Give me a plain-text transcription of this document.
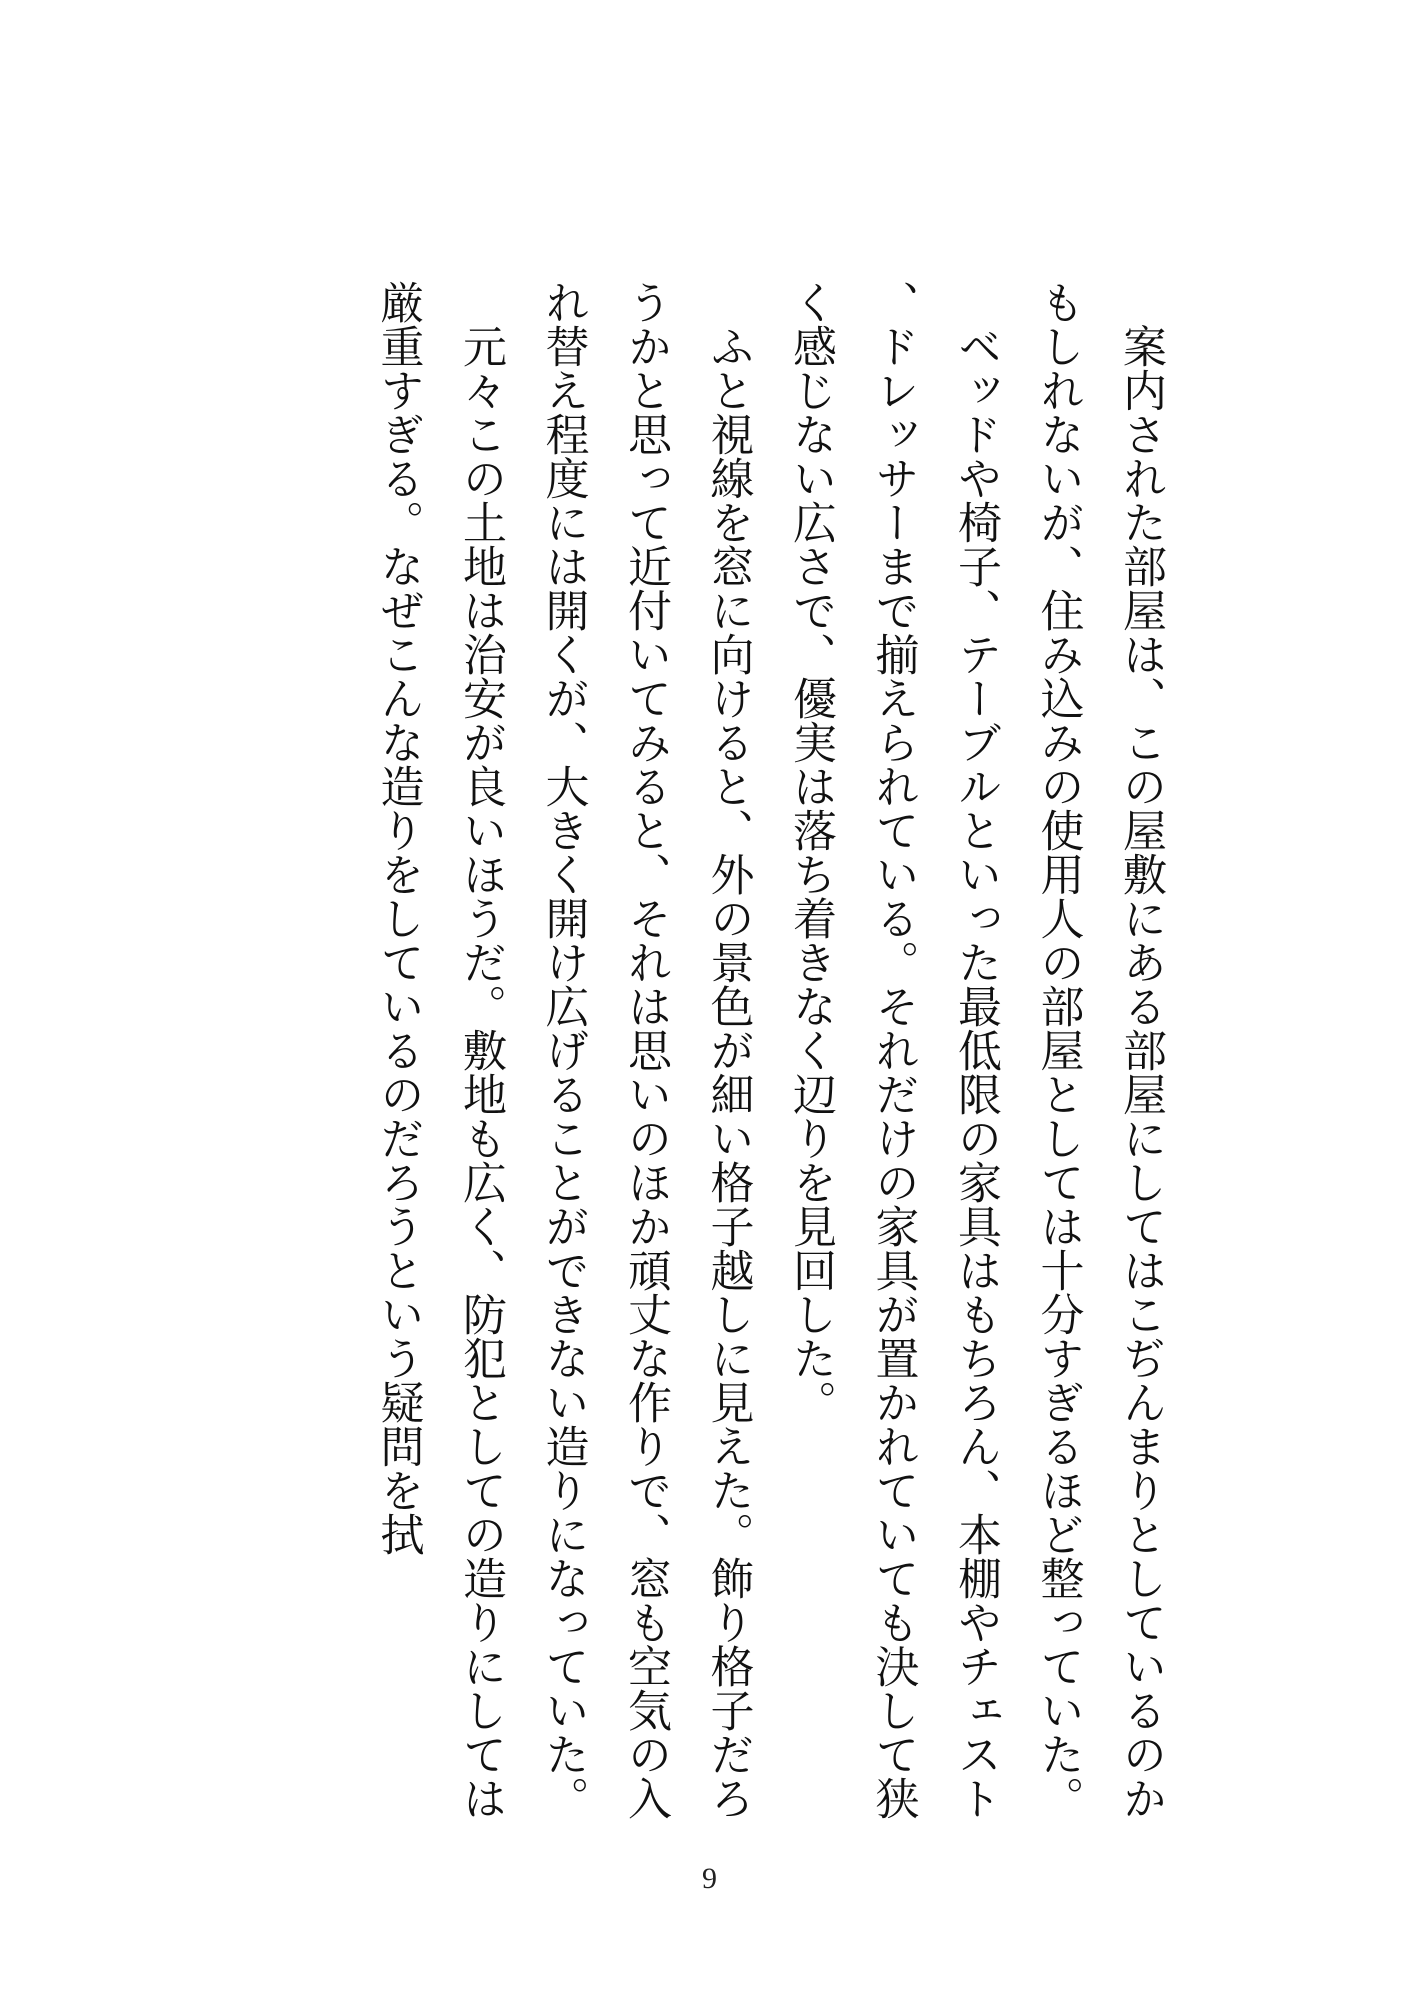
案内された部屋は、この屋敷にある部屋にしてはこぢんまりとしているのかもしれないが、住み込みの使用人の部屋としては十分すぎるほど整っていた。

ベッドや椅子、テーブルといった最低限の家具はもちろん、本棚やチェスト、ドレッサーまで揃えられている。それだけの家具が置かれていても決して狭く感じない広さで、優実は落ち着きなく辺りを見回した。

ふと視線を窓に向けると、外の景色が細い格子越しに見えた。飾り格子だろうかと思って近付いてみると、それは思いのほか頑丈な作りで、窓も空気の入れ替え程度には開くが、大きく開け広げることができない造りになっていた。

元々この土地は治安が良いほうだ。敷地も広く、防犯としての造りにしては厳重すぎる。なぜこんな造りをしているのだろうという疑問を拭

9
